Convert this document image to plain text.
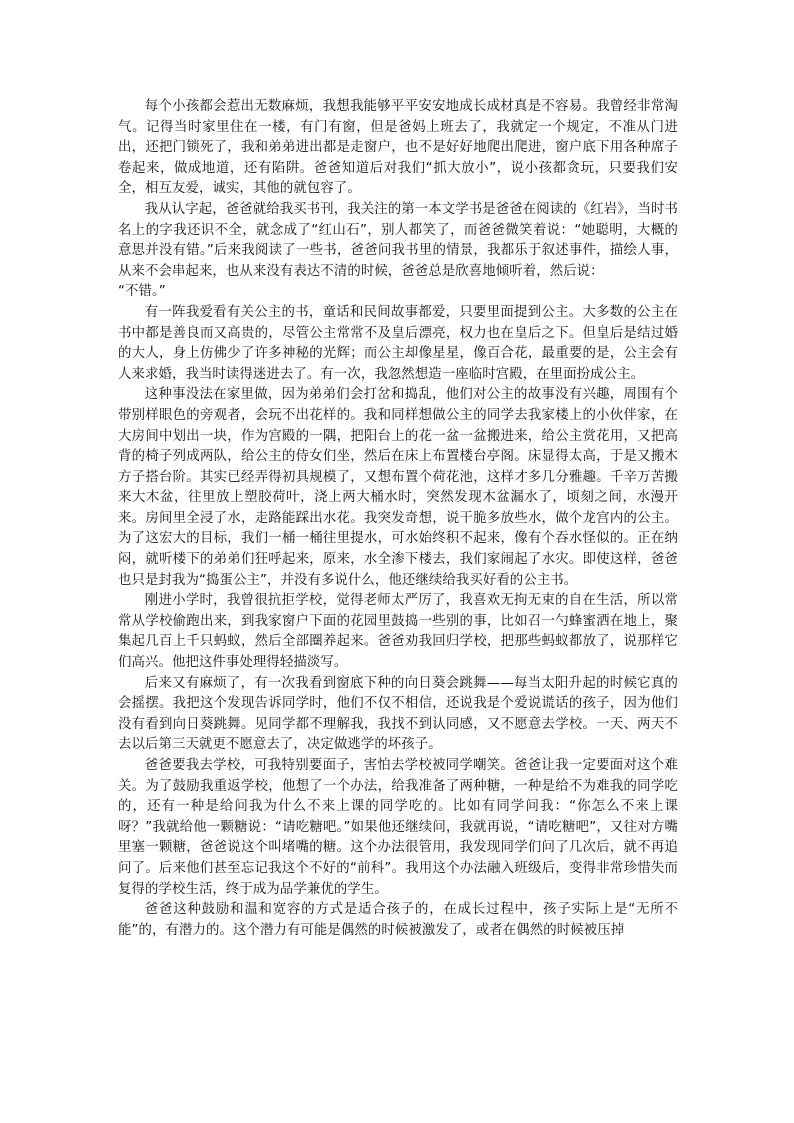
每个小孩都会惹出无数麻烦，我想我能够平平安安地成长成材真是不容易。我曾经非常淘气。记得当时家里住在一楼，有门有窗，但是爸妈上班去了，我就定一个规定，不准从门进出，还把门锁死了，我和弟弟进出都是走窗户，也不是好好地爬出爬进，窗户底下用各种席子卷起来，做成地道，还有陷阱。爸爸知道后对我们“抓大放小”，说小孩都贪玩，只要我们安全，相互友爱，诚实，其他的就包容了。

我从认字起，爸爸就给我买书刊，我关注的第一本文学书是爸爸在阅读的《红岩》，当时书名上的字我还识不全，就念成了“红山石”，别人都笑了，而爸爸微笑着说：“她聪明，大概的意思并没有错。”后来我阅读了一些书，爸爸问我书里的情景，我都乐于叙述事件，描绘人事，从来不会串起来，也从来没有表达不清的时候，爸爸总是欣喜地倾听着，然后说：

“不错。”

有一阵我爱看有关公主的书，童话和民间故事都爱，只要里面提到公主。大多数的公主在书中都是善良而又高贵的，尽管公主常常不及皇后漂亮，权力也在皇后之下。但皇后是结过婚的大人，身上仿佛少了许多神秘的光辉；而公主却像星星，像百合花，最重要的是，公主会有人来求婚，我当时读得迷进去了。有一次，我忽然想造一座临时宫殿，在里面扮成公主。

这种事没法在家里做，因为弟弟们会打岔和捣乱，他们对公主的故事没有兴趣，周围有个带别样眼色的旁观者，会玩不出花样的。我和同样想做公主的同学去我家楼上的小伙伴家，在大房间中划出一块，作为宫殿的一隅，把阳台上的花一盆一盆搬进来，给公主赏花用，又把高背的椅子列成两队，给公主的侍女们坐，然后在床上布置楼台亭阁。床显得太高，于是又搬木方子搭台阶。其实已经弄得初具规模了，又想布置个荷花池，这样才多几分雅趣。千辛万苦搬来大木盆，往里放上塑胶荷叶，浇上两大桶水时，突然发现木盆漏水了，顷刻之间，水漫开来。房间里全浸了水，走路能踩出水花。我突发奇想，说干脆多放些水，做个龙宫内的公主。为了这宏大的目标，我们一桶一桶往里提水，可水始终积不起来，像有个吞水怪似的。正在纳闷，就听楼下的弟弟们狂呼起来，原来，水全渗下楼去，我们家闹起了水灾。即使这样，爸爸也只是封我为“捣蛋公主”，并没有多说什么，他还继续给我买好看的公主书。

刚进小学时，我曾很抗拒学校，觉得老师太严厉了，我喜欢无拘无束的自在生活，所以常常从学校偷跑出来，到我家窗户下面的花园里鼓捣一些别的事，比如召一勺蜂蜜洒在地上，聚集起几百上千只蚂蚁，然后全部圈养起来。爸爸劝我回归学校，把那些蚂蚁都放了，说那样它们高兴。他把这件事处理得轻描淡写。

后来又有麻烦了，有一次我看到窗底下种的向日葵会跳舞——每当太阳升起的时候它真的会摇摆。我把这个发现告诉同学时，他们不仅不相信，还说我是个爱说谎话的孩子，因为他们没有看到向日葵跳舞。见同学都不理解我，我找不到认同感，又不愿意去学校。一天、两天不去以后第三天就更不愿意去了，决定做逃学的坏孩子。

爸爸要我去学校，可我特别要面子，害怕去学校被同学嘲笑。爸爸让我一定要面对这个难关。为了鼓励我重返学校，他想了一个办法，给我准备了两种糖，一种是给不为难我的同学吃的，还有一种是给问我为什么不来上课的同学吃的。比如有同学问我：“你怎么不来上课呀？”我就给他一颗糖说：“请吃糖吧。”如果他还继续问，我就再说，“请吃糖吧”，又往对方嘴里塞一颗糖，爸爸说这个叫堵嘴的糖。这个办法很管用，我发现同学们问了几次后，就不再追问了。后来他们甚至忘记我这个不好的“前科”。我用这个办法融入班级后，变得非常珍惜失而复得的学校生活，终于成为品学兼优的学生。

爸爸这种鼓励和温和宽容的方式是适合孩子的，在成长过程中，孩子实际上是“无所不能”的，有潜力的。这个潜力有可能是偶然的时候被激发了，或者在偶然的时候被压掉
